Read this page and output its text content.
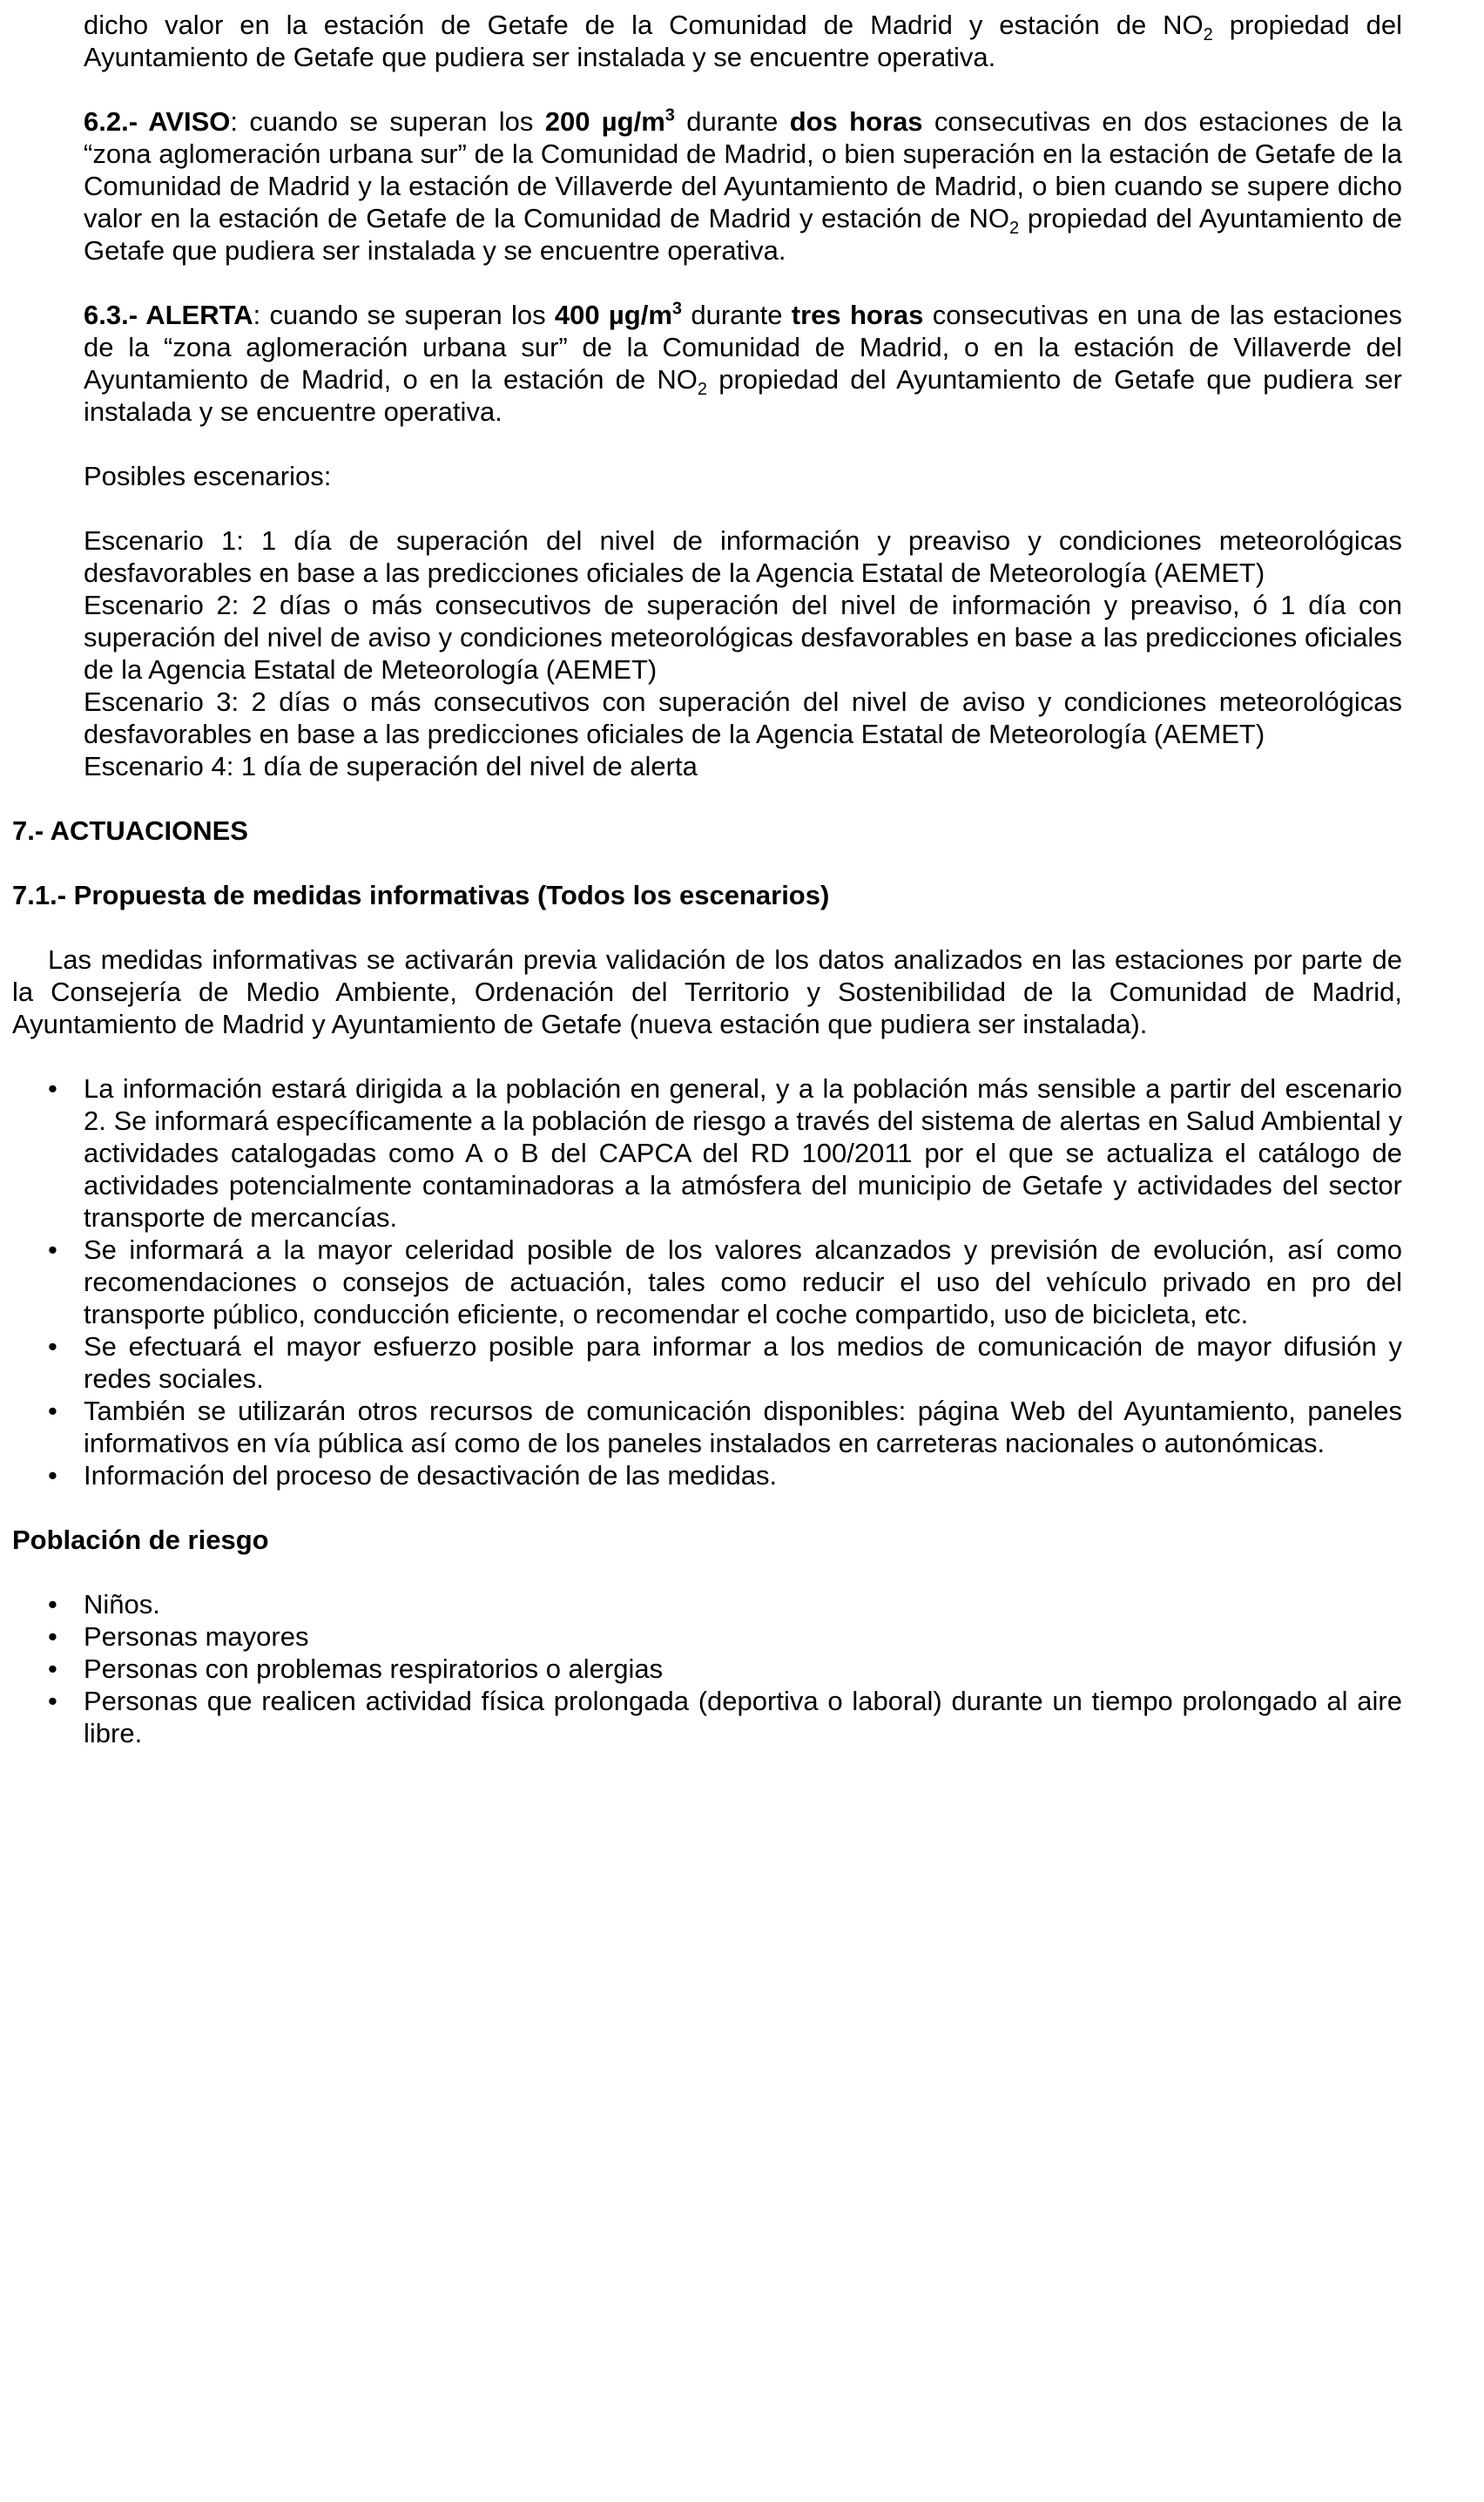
dicho valor en la estación de Getafe de la Comunidad de Madrid y estación de $NO_2$ propiedad del Ayuntamiento de Getafe que pudiera ser instalada y se encuentre operativa.
6.2.- AVISO: cuando se superan los 200 $\mu g/m^3$ durante dos horas consecutivas en dos estaciones de la “zona aglomeración urbana sur” de la Comunidad de Madrid, o bien superación en la estación de Getafe de la Comunidad de Madrid y la estación de Villaverde del Ayuntamiento de Madrid, o bien cuando se supere dicho valor en la estación de Getafe de la Comunidad de Madrid y estación de $NO_2$ propiedad del Ayuntamiento de Getafe que pudiera ser instalada y se encuentre operativa.
6.3.- ALERTA: cuando se superan los 400 $\mu g/m^3$ durante tres horas consecutivas en una de las estaciones de la “zona aglomeración urbana sur” de la Comunidad de Madrid, o en la estación de Villaverde del Ayuntamiento de Madrid, o en la estación de $NO_2$ propiedad del Ayuntamiento de Getafe que pudiera ser instalada y se encuentre operativa.
Posibles escenarios:
Escenario 1: 1 día de superación del nivel de información y preaviso y condiciones meteorológicas desfavorables en base a las predicciones oficiales de la Agencia Estatal de Meteorología (AEMET)
Escenario 2: 2 días o más consecutivos de superación del nivel de información y preaviso, ó 1 día con superación del nivel de aviso y condiciones meteorológicas desfavorables en base a las predicciones oficiales de la Agencia Estatal de Meteorología (AEMET)
Escenario 3: 2 días o más consecutivos con superación del nivel de aviso y condiciones meteorológicas desfavorables en base a las predicciones oficiales de la Agencia Estatal de Meteorología (AEMET)
Escenario 4: 1 día de superación del nivel de alerta
7.- ACTUACIONES
7.1.- Propuesta de medidas informativas (Todos los escenarios)
Las medidas informativas se activarán previa validación de los datos analizados en las estaciones por parte de la Consejería de Medio Ambiente, Ordenación del Territorio y Sostenibilidad de la Comunidad de Madrid, Ayuntamiento de Madrid y Ayuntamiento de Getafe (nueva estación que pudiera ser instalada).
• La información estará dirigida a la población en general, y a la población más sensible a partir del escenario 2. Se informará específicamente a la población de riesgo a través del sistema de alertas en Salud Ambiental y actividades catalogadas como A o B del CAPCA del RD 100/2011 por el que se actualiza el catálogo de actividades potencialmente contaminadoras a la atmósfera del municipio de Getafe y actividades del sector transporte de mercancías.
• Se informará a la mayor celeridad posible de los valores alcanzados y previsión de evolución, así como recomendaciones o consejos de actuación, tales como reducir el uso del vehículo privado en pro del transporte público, conducción eficiente, o recomendar el coche compartido, uso de bicicleta, etc.
• Se efectuará el mayor esfuerzo posible para informar a los medios de comunicación de mayor difusión y redes sociales.
• También se utilizarán otros recursos de comunicación disponibles: página Web del Ayuntamiento, paneles informativos en vía pública así como de los paneles instalados en carreteras nacionales o autonómicas.
• Información del proceso de desactivación de las medidas.
Población de riesgo
• Niños.
• Personas mayores
• Personas con problemas respiratorios o alergias
• Personas que realicen actividad física prolongada (deportiva o laboral) durante un tiempo prolongado al aire libre.
